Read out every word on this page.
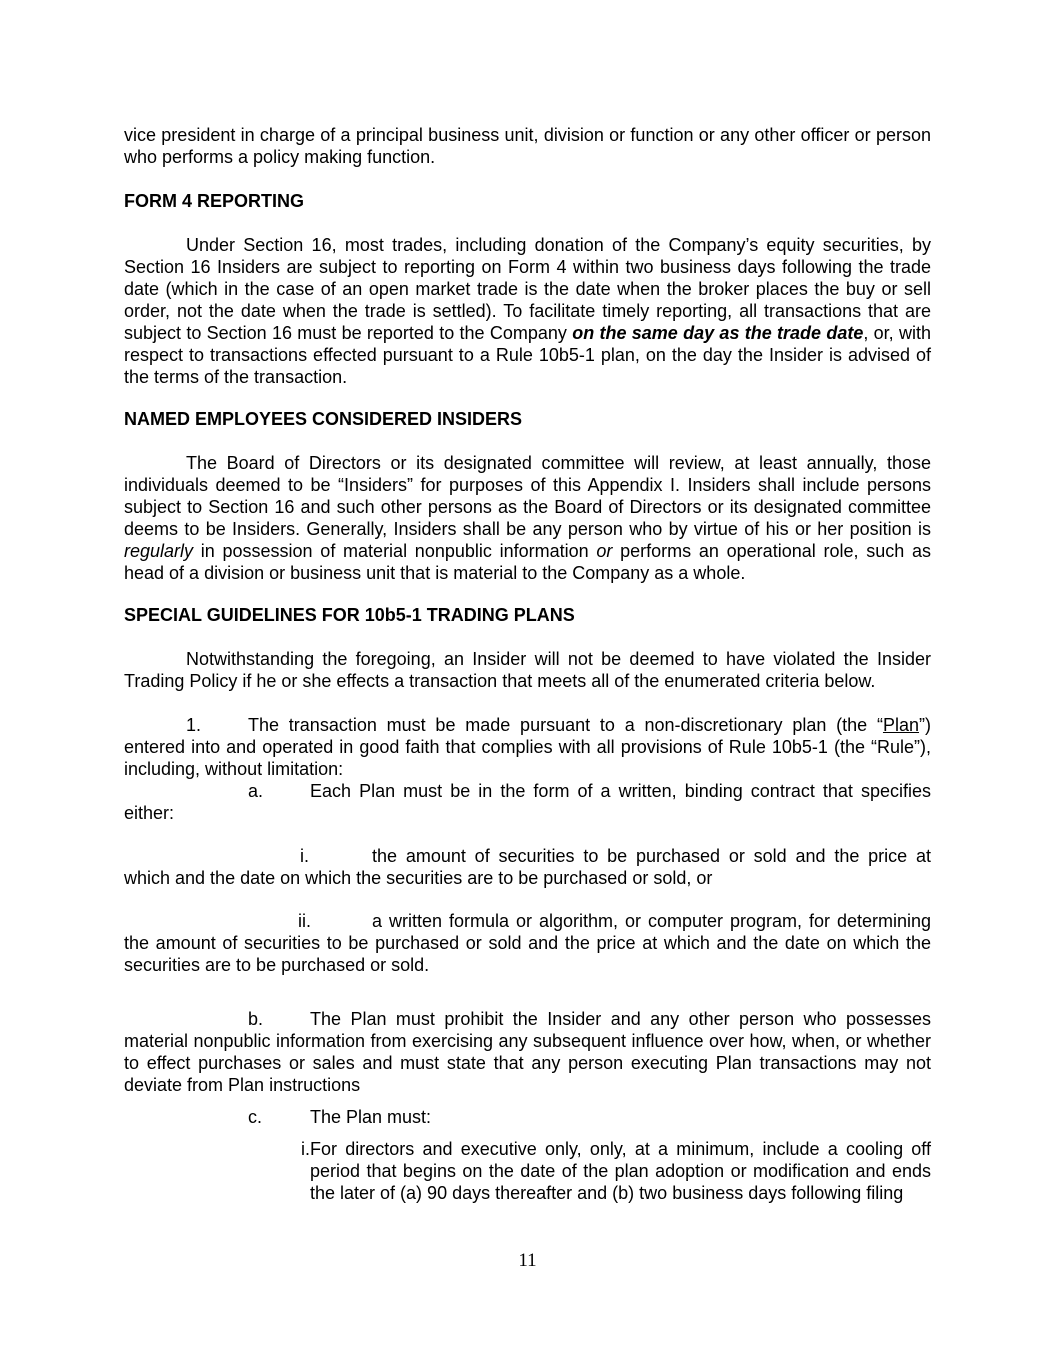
vice president in charge of a principal business unit, division or function or any other officer or person who performs a policy making function.

FORM 4 REPORTING

Under Section 16, most trades, including donation of the Company’s equity securities, by Section 16 Insiders are subject to reporting on Form 4 within two business days following the trade date (which in the case of an open market trade is the date when the broker places the buy or sell order, not the date when the trade is settled). To facilitate timely reporting, all transactions that are subject to Section 16 must be reported to the Company on the same day as the trade date, or, with respect to transactions effected pursuant to a Rule 10b5-1 plan, on the day the Insider is advised of the terms of the transaction.

NAMED EMPLOYEES CONSIDERED INSIDERS

The Board of Directors or its designated committee will review, at least annually, those individuals deemed to be “Insiders” for purposes of this Appendix I. Insiders shall include persons subject to Section 16 and such other persons as the Board of Directors or its designated committee deems to be Insiders. Generally, Insiders shall be any person who by virtue of his or her position is regularly in possession of material nonpublic information or performs an operational role, such as head of a division or business unit that is material to the Company as a whole.

SPECIAL GUIDELINES FOR 10b5-1 TRADING PLANS

Notwithstanding the foregoing, an Insider will not be deemed to have violated the Insider Trading Policy if he or she effects a transaction that meets all of the enumerated criteria below.

1.	The transaction must be made pursuant to a non-discretionary plan (the “Plan”) entered into and operated in good faith that complies with all provisions of Rule 10b5-1 (the “Rule”), including, without limitation:

a.	Each Plan must be in the form of a written, binding contract that specifies either:

i.	the amount of securities to be purchased or sold and the price at which and the date on which the securities are to be purchased or sold, or

ii.	a written formula or algorithm, or computer program, for determining the amount of securities to be purchased or sold and the price at which and the date on which the securities are to be purchased or sold.

b.	The Plan must prohibit the Insider and any other person who possesses material nonpublic information from exercising any subsequent influence over how, when, or whether to effect purchases or sales and must state that any person executing Plan transactions may not deviate from Plan instructions

c.	The Plan must:

i. For directors and executive only, only, at a minimum, include a cooling off period that begins on the date of the plan adoption or modification and ends the later of (a) 90 days thereafter and (b) two business days following filing

11
